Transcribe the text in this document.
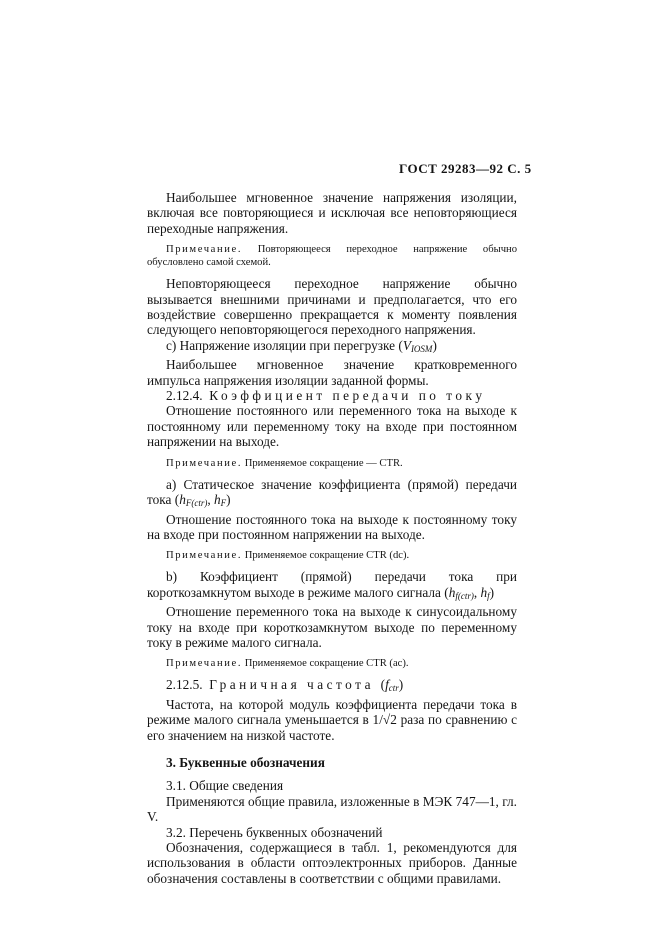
ГОСТ 29283—92 С. 5

Наибольшее мгновенное значение напряжения изоляции, включая все повторяющиеся и исключая все неповторяющиеся переходные напряжения.

Примечание. Повторяющееся переходное напряжение обычно обусловлено самой схемой.

Неповторяющееся переходное напряжение обычно вызывается внешними причинами и предполагается, что его воздействие совершенно прекращается к моменту появления следующего неповторяющегося переходного напряжения.

с) Напряжение изоляции при перегрузке $(V_{IOSM})$

Наибольшее мгновенное значение кратковременного импульса напряжения изоляции заданной формы.

2.12.4. Коэффициент передачи по току

Отношение постоянного или переменного тока на выходе к постоянному или переменному току на входе при постоянном напряжении на выходе.

Примечание. Применяемое сокращение — CTR.

а) Статическое значение коэффициента (прямой) передачи тока ($h_{F(ctr)}$, $h_F$)

Отношение постоянного тока на выходе к постоянному току на входе при постоянном напряжении на выходе.

Примечание. Применяемое сокращение CTR (dc).

b) Коэффициент (прямой) передачи тока при короткозамкнутом выходе в режиме малого сигнала ($h_{f(ctr)}$, $h_f$)

Отношение переменного тока на выходе к синусоидальному току на входе при короткозамкнутом выходе по переменному току в режиме малого сигнала.

Примечание. Применяемое сокращение CTR (ac).

2.12.5. Граничная частота  $(f_{ctr})$

Частота, на которой модуль коэффициента передачи тока в режиме малого сигнала уменьшается в 1/√2 раза по сравнению с его значением на низкой частоте.

3. Буквенные обозначения

3.1. Общие сведения

Применяются общие правила, изложенные в МЭК 747—1, гл. V.

3.2. Перечень буквенных обозначений

Обозначения, содержащиеся в табл. 1, рекомендуются для использования в области оптоэлектронных приборов. Данные обозначения составлены в соответствии с общими правилами.
